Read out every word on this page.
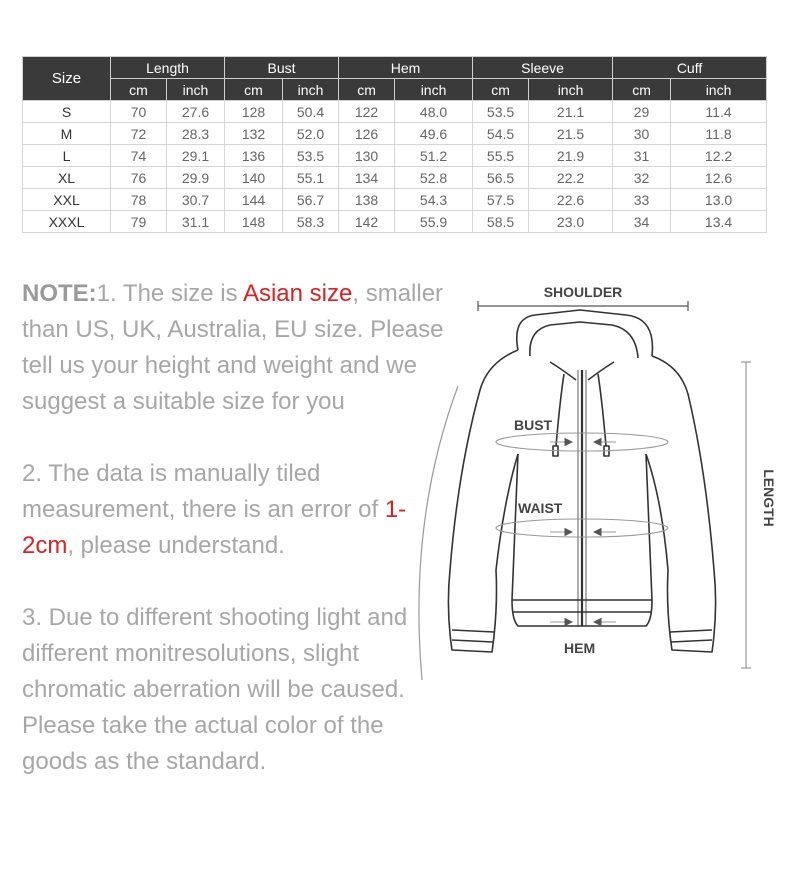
Size	Length		Bust		Hem		Sleeve		Cuff	
	cm	inch	cm	inch	cm	inch	cm	inch	cm	inch
S	70	27.6	128	50.4	122	48.0	53.5	21.1	29	11.4
M	72	28.3	132	52.0	126	49.6	54.5	21.5	30	11.8
L	74	29.1	136	53.5	130	51.2	55.5	21.9	31	12.2
XL	76	29.9	140	55.1	134	52.8	56.5	22.2	32	12.6
XXL	78	30.7	144	56.7	138	54.3	57.5	22.6	33	13.0
XXXL	79	31.1	148	58.3	142	55.9	58.5	23.0	34	13.4

NOTE:1. The size is Asian size, smaller than US, UK, Australia, EU size. Please tell us your height and weight and we suggest a suitable size for you

2. The data is manually tiled measurement, there is an error of 1-2cm, please understand.

3. Due to different shooting light and different monitresolutions, slight chromatic aberration will be caused. Please take the actual color of the goods as the standard.

SHOULDER
LENGTH
BUST
WAIST
HEM
